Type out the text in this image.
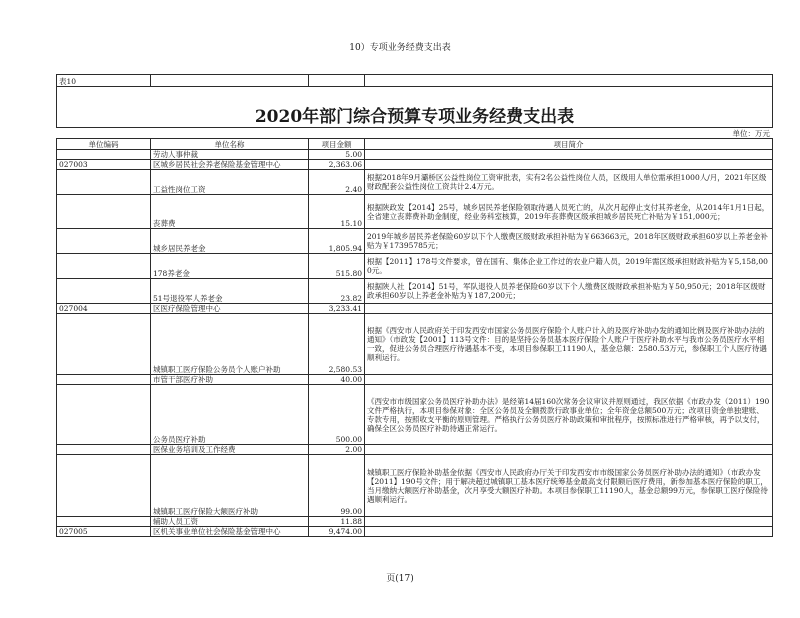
10）专项业务经费支出表
表10			
2020年部门综合预算专项业务经费支出表			
单位：万元			
单位编码	单位名称	项目金额	项目简介
	劳动人事仲裁	5.00	
027003	区城乡居民社会养老保险基金管理中心	2,363.06	
	工益性岗位工资	2.40	根据2018年9月灞桥区公益性岗位工资审批表，实有2名公益性岗位人员，区级用人单位需承担1000人/月，2021年区级财政配套公益性岗位工资共计2.4万元。
	丧葬费	15.10	根据陕政发【2014】25号，城乡居民养老保险领取待遇人员死亡的，从次月起停止支付其养老金，从2014年1月1日起，全省建立丧葬费补助金制度，经业务科室核算，2019年丧葬费区级承担城乡居民死亡补贴为￥151,000元；
	城乡居民养老金	1,805.94	2019年城乡居民养老保险60岁以下个人缴费区级财政承担补贴为￥663663元，2018年区级财政承担60岁以上养老金补贴为￥17395785元；
	178养老金	515.80	根据【2011】178号文件要求，曾在国有、集体企业工作过的农业户籍人员，2019年需区级承担财政补贴为￥5,158,000元。
	51号退役军人养老金	23.82	根据陕人社【2014】51号，军队退役人员养老保险60岁以下个人缴费区级财政承担补贴为￥50,950元；2018年区级财政承担60岁以上养老金补贴为￥187,200元；
027004	区医疗保险管理中心	3,233.41	
	城镇职工医疗保险公务员个人账户补助	2,580.53	根据《西安市人民政府关于印发西安市国家公务员医疗保险个人账户计入的及医疗补助办发的通知比例及医疗补助办法的通知》（市政发【2001】113号文件：目的是坚持公务员基本医疗保险个人账户于医疗补助水平与我市公务员医疗水平相一致，促进公务员合理医疗待遇基本不变，本项目参保职工11190人，基金总额：2580.53万元，参保职工个人医疗待遇顺利运行。
	市管干部医疗补助	40.00	
	公务员医疗补助	500.00	《西安市市级国家公务员医疗补助办法》是经第14届160次常务会议审议并原则通过，我区依据《市政办发（2011）190文件严格执行，本项目参保对象：全区公务员及全额拨款行政事业单位；全年资金总额500万元；改项目资金单独建账、专款专用，按照收支平衡的原则管理。严格执行公务员医疗补助政策和审批程序，按照标准进行严格审核，再予以支付，确保全区公务员医疗补助待遇正常运行。
	医保业务培训及工作经费	2.00	
	城镇职工医疗保险大额医疗补助	99.00	城镇职工医疗保险补助基金依据《西安市人民政府办厅关于印发西安市市级国家公务员医疗补助办法的通知》（市政办发【2011】190号文件；用于解决超过城镇职工基本医疗统筹基金最高支付限额后医疗费用，新参加基本医疗保险的职工，当月缴纳大额医疗补助基金，次月享受大额医疗补助。本项目参保职工11190人，基金总额99万元，参保职工医疗保险待遇顺利运行。
	辅助人员工资	11.88	
027005	区机关事业单位社会保险基金管理中心	9,474.00	
页(17)
